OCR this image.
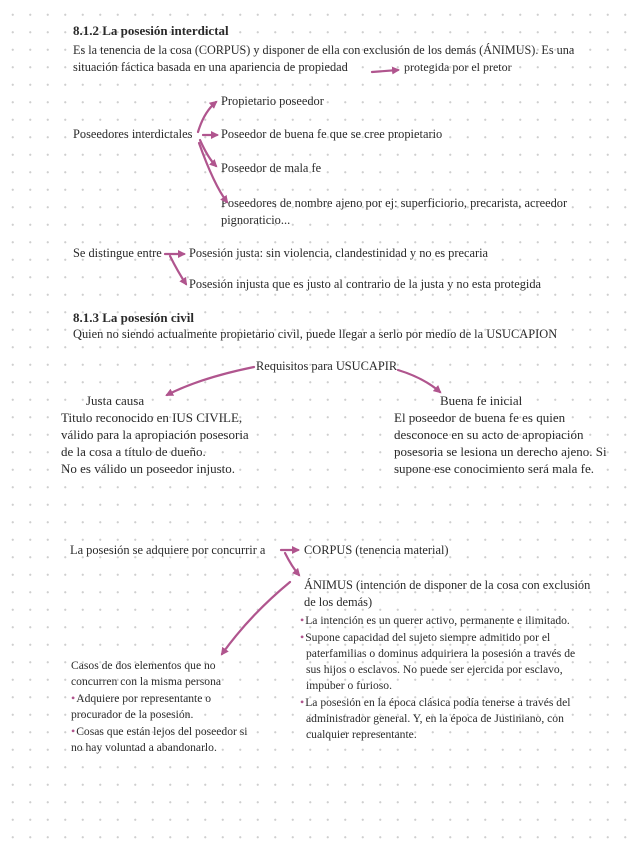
8.1.2 La posesión interdictal
Es la tenencia de la cosa (CORPUS) y disponer de ella con exclusión de los demás (ÁNIMUS). Es una
situación fáctica basada en una apariencia de propiedad	protegida por el pretor
Poseedores interdictales
Propietario poseedor
Poseedor de buena fe que se cree propietario
Poseedor de mala fe
Poseedores de nombre ajeno por ej: superficiorio, precarista, acreedor
pignoraticio...
Se distingue entre Posesión justa: sin violencia, clandestinidad y no es precaria
Posesión injusta que es justo al contrario de la justa y no esta protegida
8.1.3 La posesión civil
Quien no siendo actualmente propietario civil, puede llegar a serlo por medio de la USUCAPION
Requisitos para USUCAPIR
Justa causa
Titulo reconocido en IUS CIVILE,
válido para la apropiación posesoria
de la cosa a título de dueño.
No es válido un poseedor injusto.
Buena fe inicial
El poseedor de buena fe es quien
desconoce en su acto de apropiación
posesoria se lesiona un derecho ajeno. Si
supone ese conocimiento será mala fe.
La posesión se adquiere por concurrir a	CORPUS (tenencia material)
ÁNIMUS (intención de disponer de la cosa con exclusión
de los demás)
•La intención es un querer activo, permanente e ilimitado.
•Supone capacidad del sujeto siempre admitido por el
paterfamilias o dominus adquiriera la posesión a través de
sus hijos o esclavos. No puede ser ejercida por esclavo,
impuber o furioso.
•La posesión en la época clásica podía tenerse a través del
administrador general. Y, en la época de Justiniano, con
cualquier representante.
Casos de dos elementos que no
concurren con la misma persona
•Adquiere por representante o
procurador de la posesión.
•Cosas que están lejos del poseedor si
no hay voluntad a abandonarlo.
